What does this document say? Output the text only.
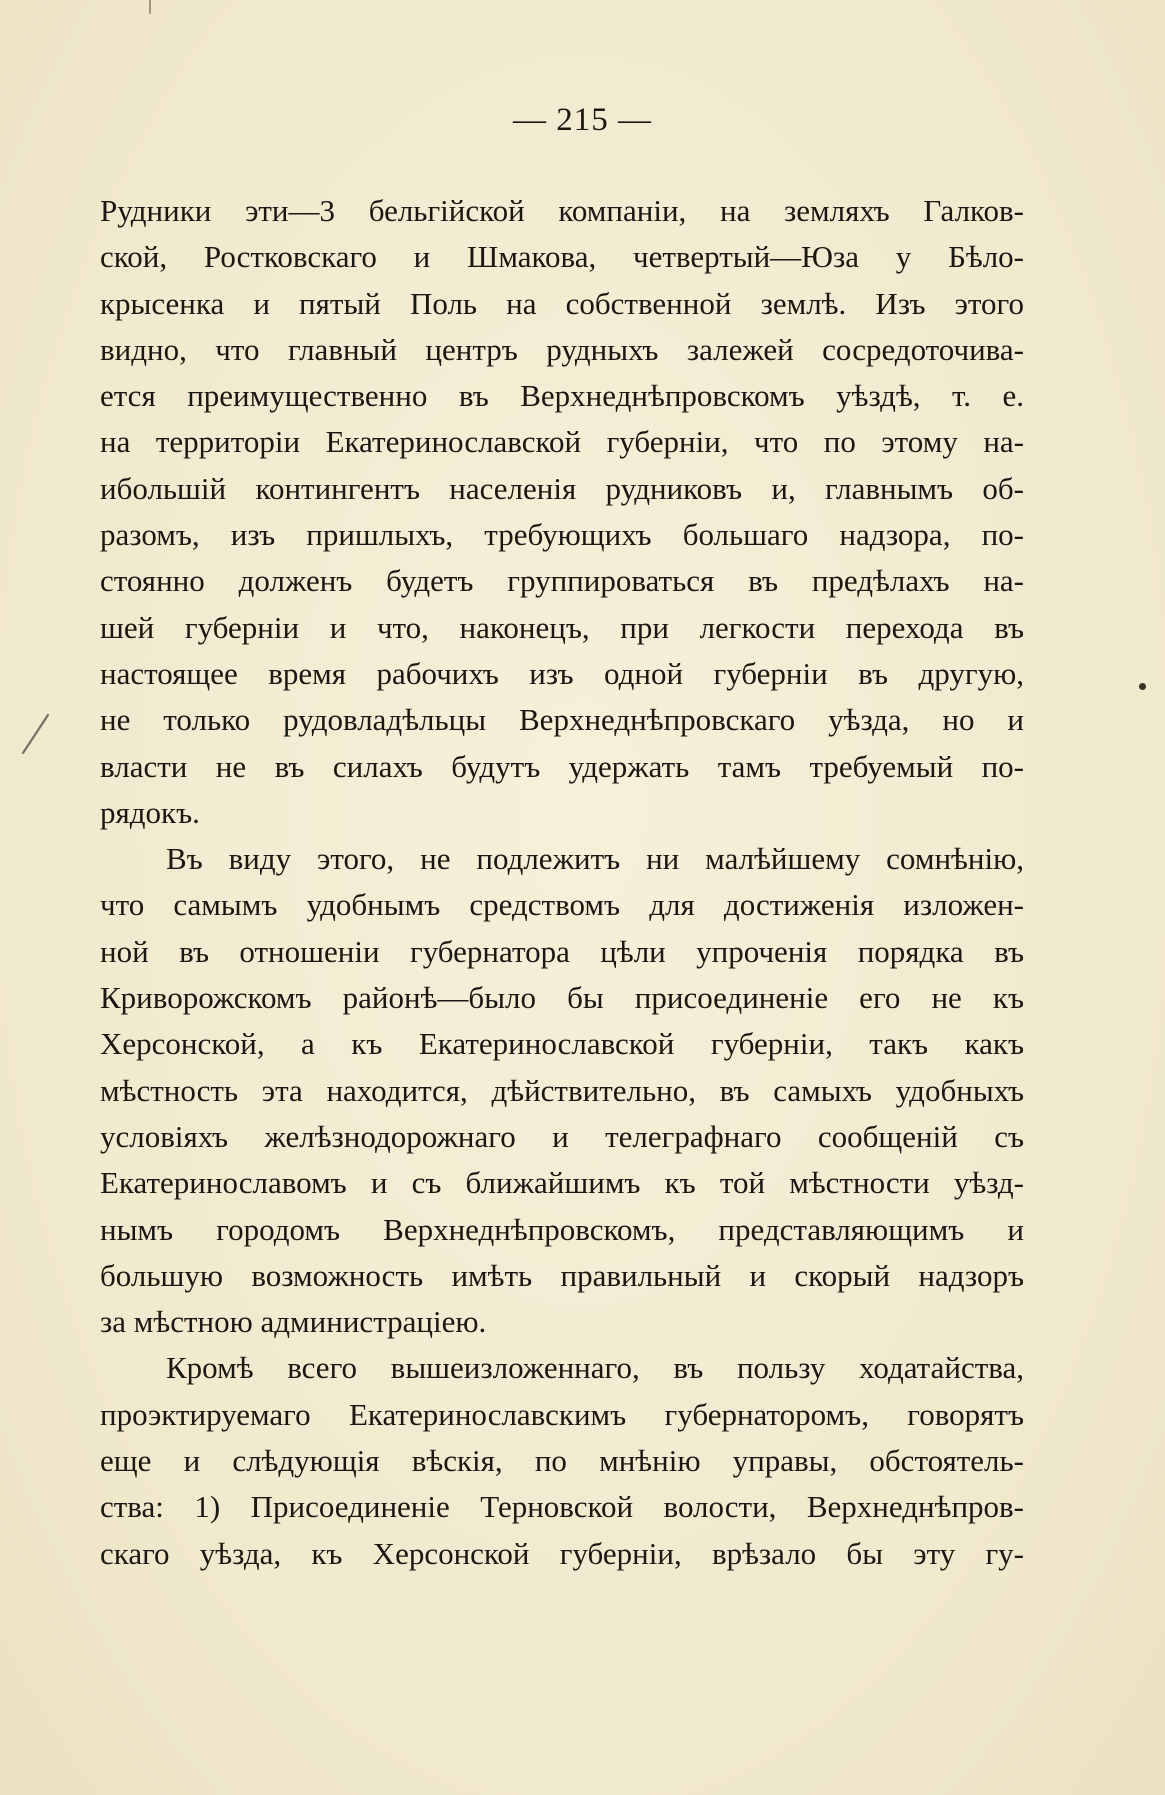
— 215 —
Рудники эти—3 бельгiйской компанiи, на земляхъ Галков-
ской, Ростковскаго и Шмакова, четвертый—Юза у Бѣло-
крысенка и пятый Поль на собственной землѣ. Изъ этого
видно, что главный центръ рудныхъ залежей сосредоточива-
ется преимущественно въ Верхнеднѣпровскомъ уѣздѣ, т. е.
на территорiи Екатеринославской губернiи, что по этому на-
ибольшiй контингентъ населенiя рудниковъ и, главнымъ об-
разомъ, изъ пришлыхъ, требующихъ большаго надзора, по-
стоянно долженъ будетъ группироваться въ предѣлахъ на-
шей губернiи и что, наконецъ, при легкости перехода въ
настоящее время рабочихъ изъ одной губернiи въ другую,
не только рудовладѣльцы Верхнеднѣпровскаго уѣзда, но и
власти не въ силахъ будутъ удержать тамъ требуемый по-
рядокъ.
Въ виду этого, не подлежитъ ни малѣйшему сомнѣнiю,
что самымъ удобнымъ средствомъ для достиженiя изложен-
ной въ отношенiи губернатора цѣли упроченiя порядка въ
Криворожскомъ районѣ—было бы присоединенiе его не къ
Херсонской, а къ Екатеринославской губернiи, такъ какъ
мѣстность эта находится, дѣйствительно, въ самыхъ удобныхъ
условiяхъ желѣзнодорожнаго и телеграфнаго сообщенiй съ
Екатеринославомъ и съ ближайшимъ къ той мѣстности уѣзд-
нымъ городомъ Верхнеднѣпровскомъ, представляющимъ и
большую возможность имѣть правильный и скорый надзоръ
за мѣстною администрацiею.
Кромѣ всего вышеизложеннаго, въ пользу ходатайства,
проэктируемаго Екатеринославскимъ губернаторомъ, говорятъ
еще и слѣдующiя вѣскiя, по мнѣнiю управы, обстоятель-
ства: 1) Присоединенiе Терновской волости, Верхнеднѣпров-
скаго уѣзда, къ Херсонской губернiи, врѣзало бы эту гу-
